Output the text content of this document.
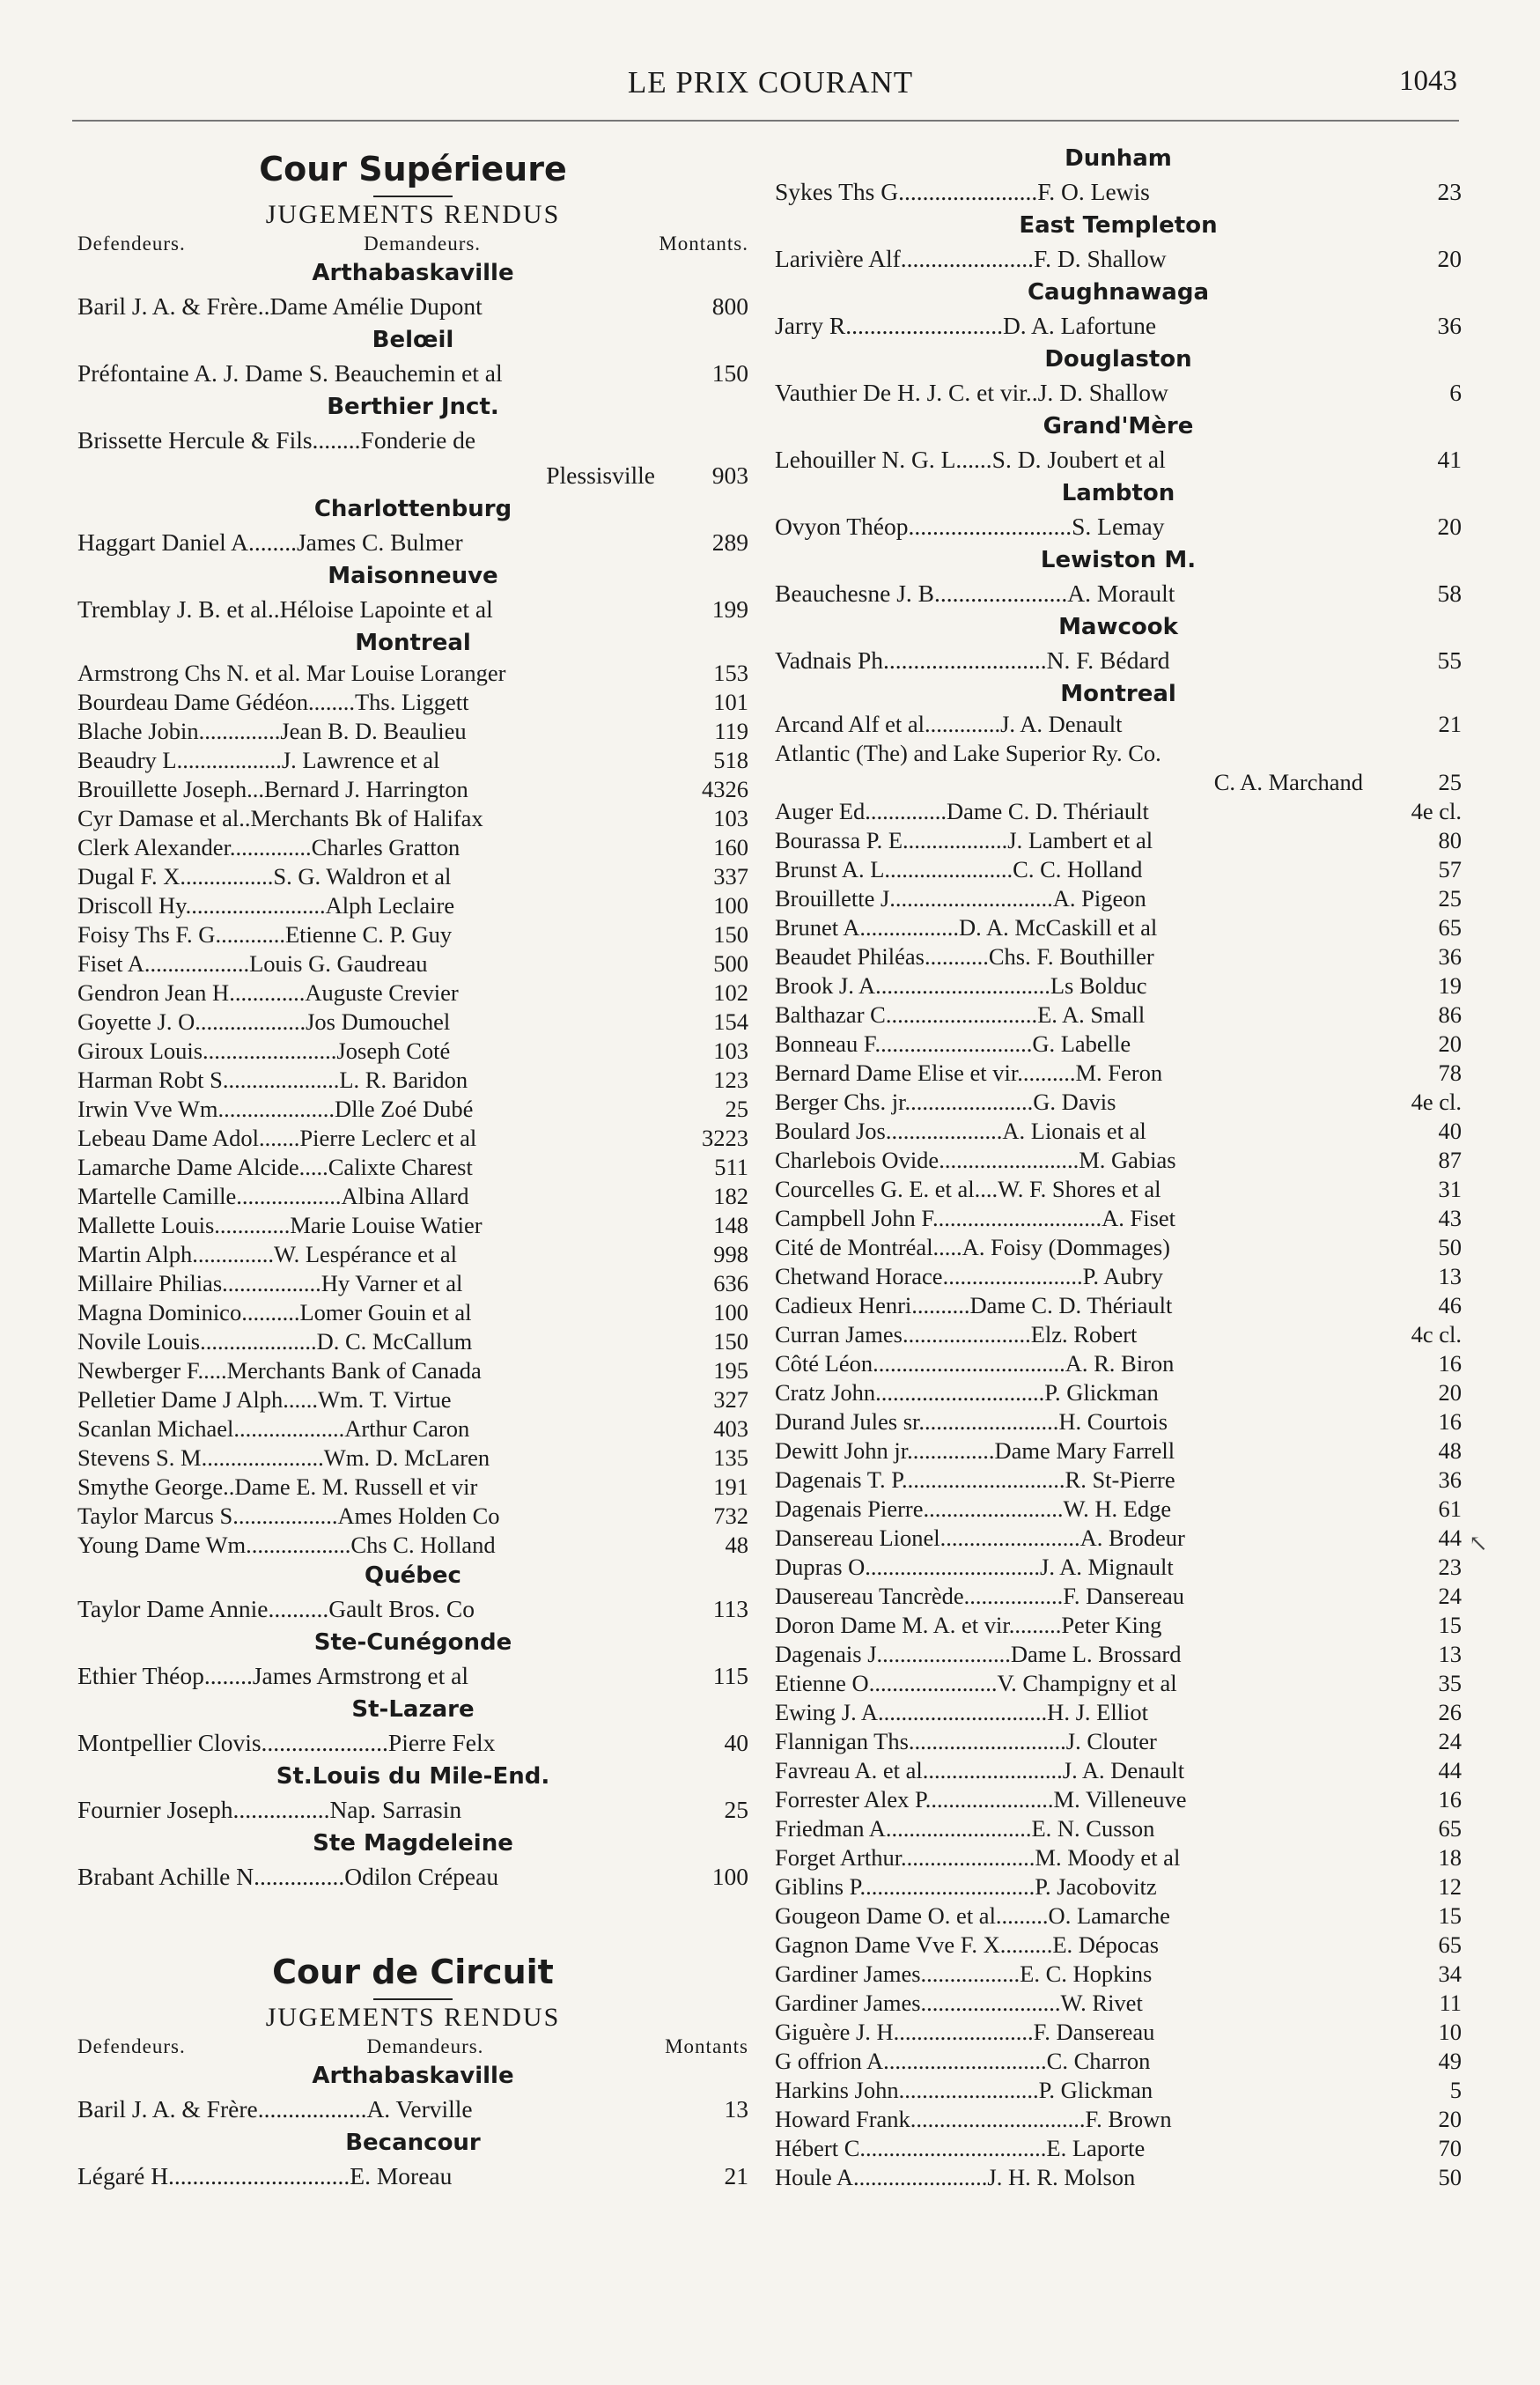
LE PRIX COURANT	1043
Cour Supérieure
JUGEMENTS RENDUS
Defendeurs.	Demandeurs.	Montants.
Arthabaskaville
Baril J. A. & Frère..Dame Amélie Dupont	800
Belœil
Préfontaine A. J. Dame S. Beauchemin et al	150
Berthier Jnct.
Brissette Hercule & Fils........Fonderie de
Plessisville	903
Charlottenburg
Haggart Daniel A........James C. Bulmer	289
Maisonneuve
Tremblay J. B. et al..Héloise Lapointe et al	199
Montreal
Armstrong Chs N. et al. Mar Louise Loranger	153
Bourdeau Dame Gédéon........Ths. Liggett	101
Blache Jobin..............Jean B. D. Beaulieu	119
Beaudry L..................J. Lawrence et al	518
Brouillette Joseph...Bernard J. Harrington	4326
Cyr Damase et al..Merchants Bk of Halifax	103
Clerk Alexander..............Charles Gratton	160
Dugal F. X................S. G. Waldron et al	337
Driscoll Hy........................Alph Leclaire	100
Foisy Ths F. G............Etienne C. P. Guy	150
Fiset A..................Louis G. Gaudreau	500
Gendron Jean H.............Auguste Crevier	102
Goyette J. O...................Jos Dumouchel	154
Giroux Louis.......................Joseph Coté	103
Harman Robt S....................L. R. Baridon	123
Irwin Vve Wm....................Dlle Zoé Dubé	25
Lebeau Dame Adol.......Pierre Leclerc et al	3223
Lamarche Dame Alcide.....Calixte Charest	511
Martelle Camille..................Albina Allard	182
Mallette Louis.............Marie Louise Watier	148
Martin Alph..............W. Lespérance et al	998
Millaire Philias.................Hy Varner et al	636
Magna Dominico..........Lomer Gouin et al	100
Novile Louis....................D. C. McCallum	150
Newberger F.....Merchants Bank of Canada	195
Pelletier Dame J Alph......Wm. T. Virtue	327
Scanlan Michael...................Arthur Caron	403
Stevens S. M.....................Wm. D. McLaren	135
Smythe George..Dame E. M. Russell et vir	191
Taylor Marcus S..................Ames Holden Co	732
Young Dame Wm..................Chs C. Holland	48
Québec
Taylor Dame Annie..........Gault Bros. Co	113
Ste-Cunégonde
Ethier Théop........James Armstrong et al	115
St-Lazare
Montpellier Clovis.....................Pierre Felx	40
St.Louis du Mile-End.
Fournier Joseph................Nap. Sarrasin	25
Ste Magdeleine
Brabant Achille N...............Odilon Crépeau	100
Cour de Circuit
JUGEMENTS RENDUS
Defendeurs.	Demandeurs.	Montants
Arthabaskaville
Baril J. A. & Frère..................A. Verville	13
Becancour
Légaré H..............................E. Moreau	21
Dunham
Sykes Ths G.......................F. O. Lewis	23
East Templeton
Larivière Alf......................F. D. Shallow	20
Caughnawaga
Jarry R..........................D. A. Lafortune	36
Douglaston
Vauthier De H. J. C. et vir..J. D. Shallow	6
Grand'Mère
Lehouiller N. G. L......S. D. Joubert et al	41
Lambton
Ovyon Théop...........................S. Lemay	20
Lewiston M.
Beauchesne J. B......................A. Morault	58
Mawcook
Vadnais Ph...........................N. F. Bédard	55
Montreal
Arcand Alf et al.............J. A. Denault	21
Atlantic (The) and Lake Superior Ry. Co.
C. A. Marchand	25
Auger Ed..............Dame C. D. Thériault	4e cl.
Bourassa P. E..................J. Lambert et al	80
Brunst A. L......................C. C. Holland	57
Brouillette J............................A. Pigeon	25
Brunet A.................D. A. McCaskill et al	65
Beaudet Philéas...........Chs. F. Bouthiller	36
Brook J. A..............................Ls Bolduc	19
Balthazar C..........................E. A. Small	86
Bonneau F...........................G. Labelle	20
Bernard Dame Elise et vir..........M. Feron	78
Berger Chs. jr......................G. Davis	4e cl.
Boulard Jos....................A. Lionais et al	40
Charlebois Ovide........................M. Gabias	87
Courcelles G. E. et al....W. F. Shores et al	31
Campbell John F.............................A. Fiset	43
Cité de Montréal.....A. Foisy (Dommages)	50
Chetwand Horace........................P. Aubry	13
Cadieux Henri..........Dame C. D. Thériault	46
Curran James......................Elz. Robert	4c cl.
Côté Léon.................................A. R. Biron	16
Cratz John.............................P. Glickman	20
Durand Jules sr........................H. Courtois	16
Dewitt John jr...............Dame Mary Farrell	48
Dagenais T. P............................R. St-Pierre	36
Dagenais Pierre........................W. H. Edge	61
Dansereau Lionel........................A. Brodeur	44
Dupras O..............................J. A. Mignault	23
Dausereau Tancrède.................F. Dansereau	24
Doron Dame M. A. et vir.........Peter King	15
Dagenais J.......................Dame L. Brossard	13
Etienne O......................V. Champigny et al	35
Ewing J. A.............................H. J. Elliot	26
Flannigan Ths...........................J. Clouter	24
Favreau A. et al........................J. A. Denault	44
Forrester Alex P......................M. Villeneuve	16
Friedman A.........................E. N. Cusson	65
Forget Arthur.......................M. Moody et al	18
Giblins P..............................P. Jacobovitz	12
Gougeon Dame O. et al.........O. Lamarche	15
Gagnon Dame Vve F. X.........E. Dépocas	65
Gardiner James.................E. C. Hopkins	34
Gardiner James........................W. Rivet	11
Giguère J. H........................F. Dansereau	10
G offrion A............................C. Charron	49
Harkins John........................P. Glickman	5
Howard Frank..............................F. Brown	20
Hébert C................................E. Laporte	70
Houle A.......................J. H. R. Molson	50
↖
